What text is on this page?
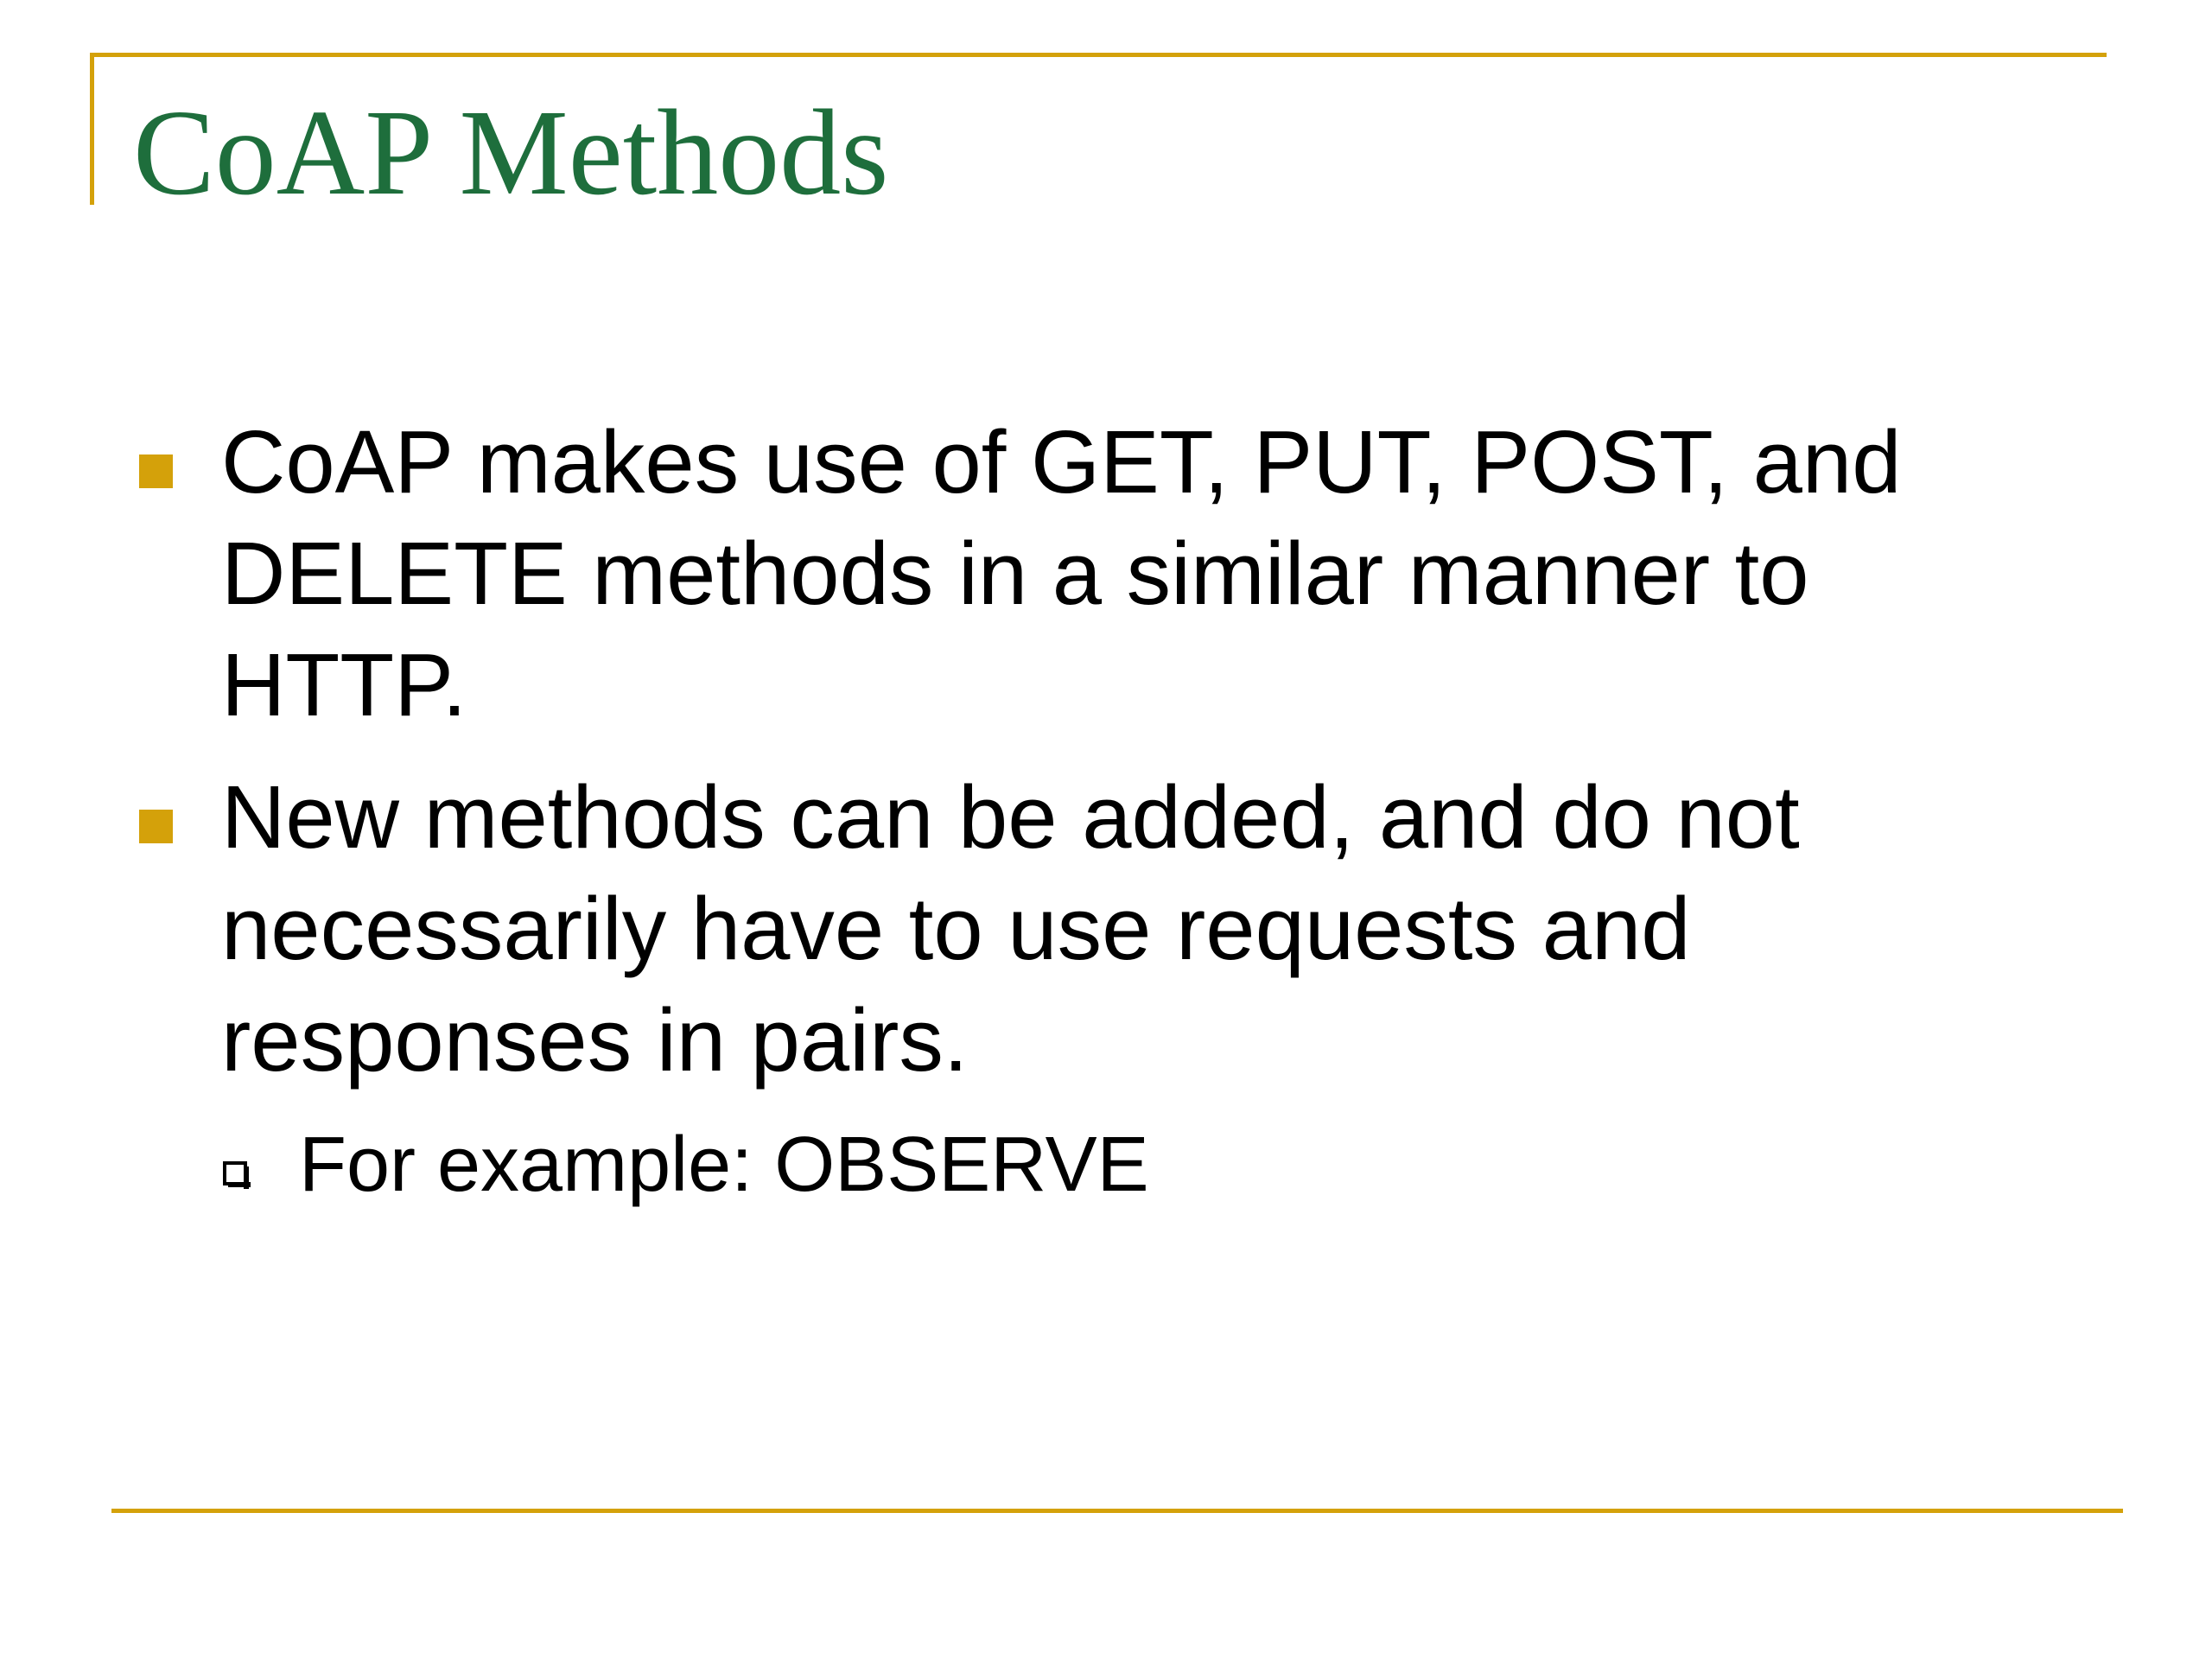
CoAP Methods
CoAP makes use of GET, PUT, POST, and DELETE methods in a similar manner to HTTP.
New methods can be added, and do not necessarily have to use requests and responses in pairs.
For example: OBSERVE
